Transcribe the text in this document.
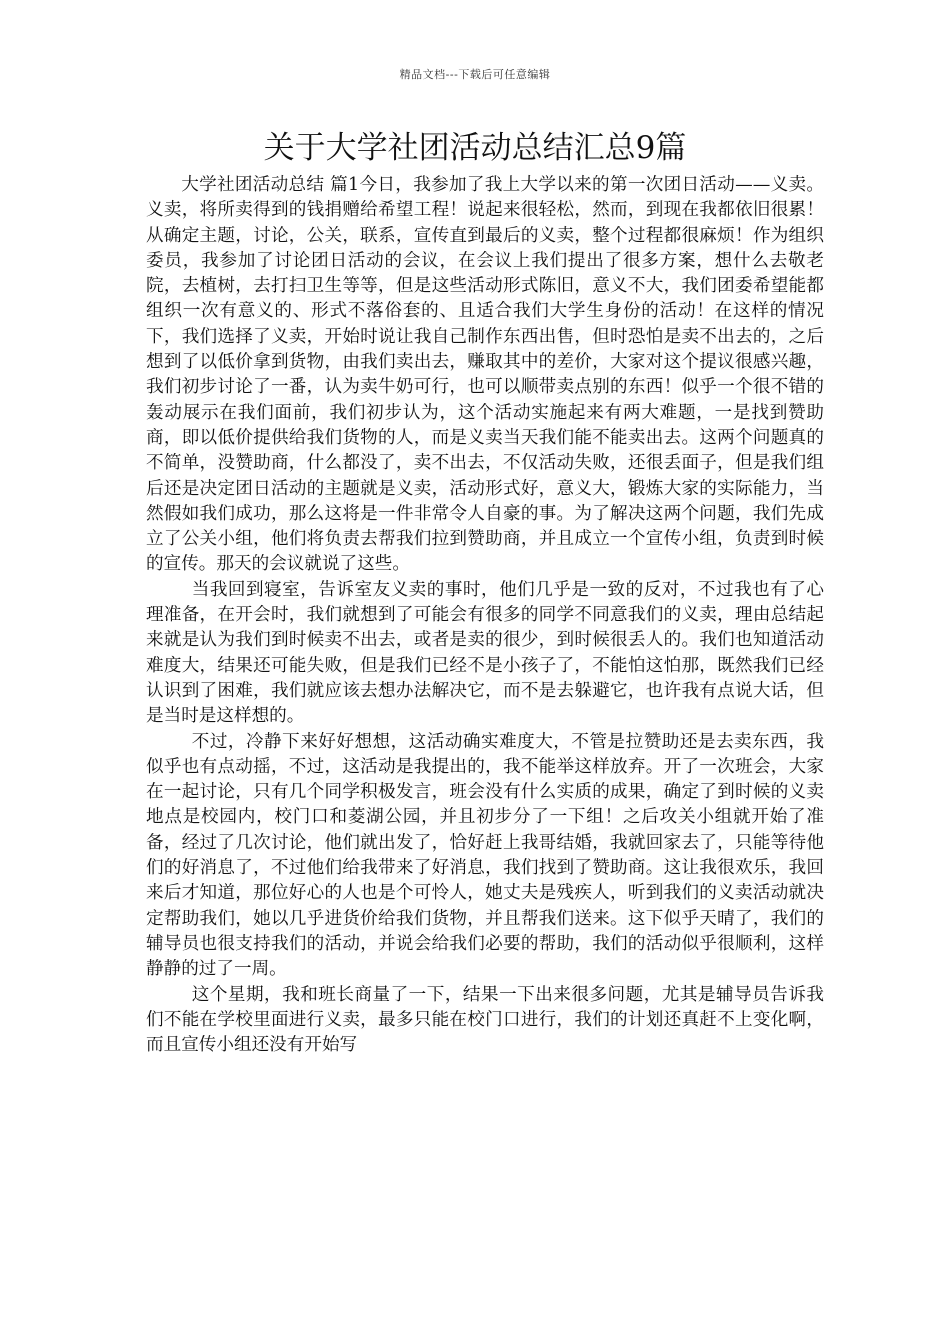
精品文档---下载后可任意编辑
关于大学社团活动总结汇总9篇

大学社团活动总结 篇1今日，我参加了我上大学以来的第一次团日活动——义卖。义卖，将所卖得到的钱捐赠给希望工程！说起来很轻松，然而，到现在我都依旧很累！ 从确定主题，讨论，公关，联系，宣传直到最后的义卖，整个过程都很麻烦！作为组织委员，我参加了讨论团日活动的会议，在会议上我们提出了很多方案，想什么去敬老院，去植树，去打扫卫生等等，但是这些活动形式陈旧，意义不大，我们团委希望能都组织一次有意义的、形式不落俗套的、且适合我们大学生身份的活动！在这样的情况下，我们选择了义卖，开始时说让我自己制作东西出售，但时恐怕是卖不出去的，之后想到了以低价拿到货物，由我们卖出去，赚取其中的差价，大家对这个提议很感兴趣，我们初步讨论了一番，认为卖牛奶可行，也可以顺带卖点别的东西！似乎一个很不错的轰动展示在我们面前，我们初步认为，这个活动实施起来有两大难题，一是找到赞助商，即以低价提供给我们货物的人，而是义卖当天我们能不能卖出去。这两个问题真的不简单，没赞助商，什么都没了，卖不出去，不仅活动失败，还很丢面子，但是我们组后还是决定团日活动的主题就是义卖，活动形式好，意义大，锻炼大家的实际能力，当然假如我们成功，那么这将是一件非常令人自豪的事。为了解决这两个问题，我们先成立了公关小组，他们将负责去帮我们拉到赞助商，并且成立一个宣传小组，负责到时候的宣传。那天的会议就说了这些。

当我回到寝室，告诉室友义卖的事时，他们几乎是一致的反对，不过我也有了心理准备，在开会时，我们就想到了可能会有很多的同学不同意我们的义卖，理由总结起来就是认为我们到时候卖不出去，或者是卖的很少，到时候很丢人的。我们也知道活动难度大，结果还可能失败，但是我们已经不是小孩子了，不能怕这怕那，既然我们已经认识到了困难，我们就应该去想办法解决它，而不是去躲避它，也许我有点说大话，但是当时是这样想的。

不过，冷静下来好好想想，这活动确实难度大，不管是拉赞助还是去卖东西，我似乎也有点动摇，不过，这活动是我提出的，我不能举这样放弃。开了一次班会，大家在一起讨论，只有几个同学积极发言，班会没有什么实质的成果，确定了到时候的义卖地点是校园内，校门口和菱湖公园，并且初步分了一下组！之后攻关小组就开始了准备，经过了几次讨论，他们就出发了，恰好赶上我哥结婚，我就回家去了，只能等待他们的好消息了，不过他们给我带来了好消息，我们找到了赞助商。这让我很欢乐，我回来后才知道，那位好心的人也是个可怜人，她丈夫是残疾人，听到我们的义卖活动就决定帮助我们，她以几乎进货价给我们货物，并且帮我们送来。这下似乎天晴了，我们的辅导员也很支持我们的活动，并说会给我们必要的帮助，我们的活动似乎很顺利，这样静静的过了一周。

这个星期，我和班长商量了一下，结果一下出来很多问题，尤其是辅导员告诉我们不能在学校里面进行义卖，最多只能在校门口进行，我们的计划还真赶不上变化啊，而且宣传小组还没有开始写
